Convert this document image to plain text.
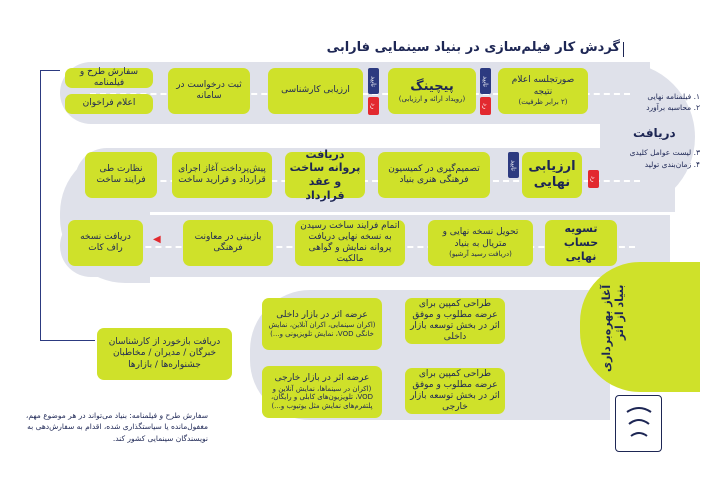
گردش کار فیلم‌سازی در بنیاد سینمایی فارابی
سفارش طرح و فیلمنامه
اعلام فراخوان
ثبت درخواست در سامانه
ارزیابی کارشناسی
تایید
رد
پیچینگ
(رویداد ارائه و ارزیابی)
تایید
رد
صورتجلسه اعلام نتیجه
(۲ برابر ظرفیت)
۱. فیلمنامه نهایی
۲. محاسبه برآورد
دریافت
۳. لیست عوامل کلیدی
۴. زمان‌بندی تولید
نظارت طی فرایند ساخت
پیش‌پرداخت آغاز اجرای قرارداد و قرارید ساخت
دریافت پروانه ساخت و عقد قرارداد
تصمیم‌گیری در کمیسیون فرهنگی هنری بنیاد
تایید ارزیابی نهایی	رد
دریافت نسخه راف کات
◀	بازبینی در معاونت فرهنگی
اتمام فرایند ساخت رسیدن به نسخه نهایی دریافت پروانه نمایش و گواهی مالکیت
تحویل نسخه نهایی و متریال به بنیاد
(دریافت رسید آرشیو)
تسویه حساب نهایی
آغاز بهره‌برداری بنیاد از اثر
طراحی کمپین برای عرضه مطلوب و موفق اثر در بخش توسعه بازار داخلی
عرضه اثر در بازار داخلی
(اکران سینمایی، اکران آنلاین، نمایش خانگی VOD، نمایش تلویزیونی و...)
طراحی کمپین برای عرضه مطلوب و موفق اثر در بخش توسعه بازار خارجی
عرضه اثر در بازار خارجی
(اکران در سینماها، نمایش آنلاین و VOD، تلویزیون‌های کابلی و رایگان، پلتفرم‌های نمایش مثل یوتیوب و...)
دریافت بازخورد از کارشناسان خبرگان / مدیران / مخاطبان جشنواره‌ها / بازارها
سفارش طرح و فیلمنامه: بنیاد می‌تواند در هر موضوع مهم، مغفول‌مانده یا سیاستگذاری شده، اقدام به سفارش‌دهی به نویسندگان سینمایی کشور کند.
